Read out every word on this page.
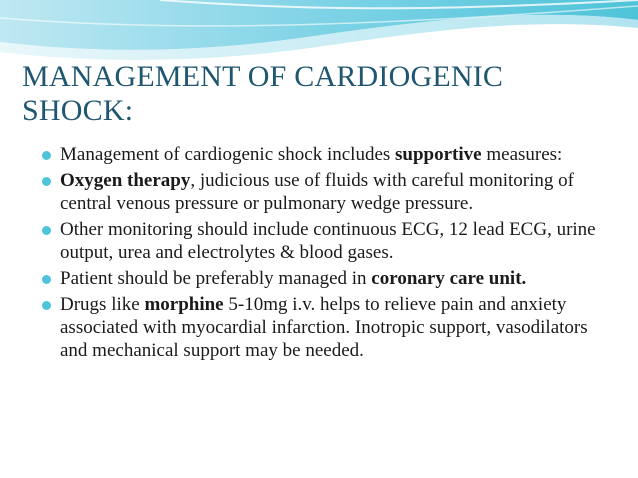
MANAGEMENT OF CARDIOGENIC SHOCK:
Management of cardiogenic shock includes supportive measures:
Oxygen therapy, judicious use of fluids with careful monitoring of central venous pressure or pulmonary wedge pressure.
Other monitoring should include continuous ECG, 12 lead ECG, urine output, urea and electrolytes & blood gases.
Patient should be preferably managed in coronary care unit.
Drugs like morphine 5-10mg i.v. helps to relieve pain and anxiety associated with myocardial infarction. Inotropic support, vasodilators and mechanical support may be needed.
